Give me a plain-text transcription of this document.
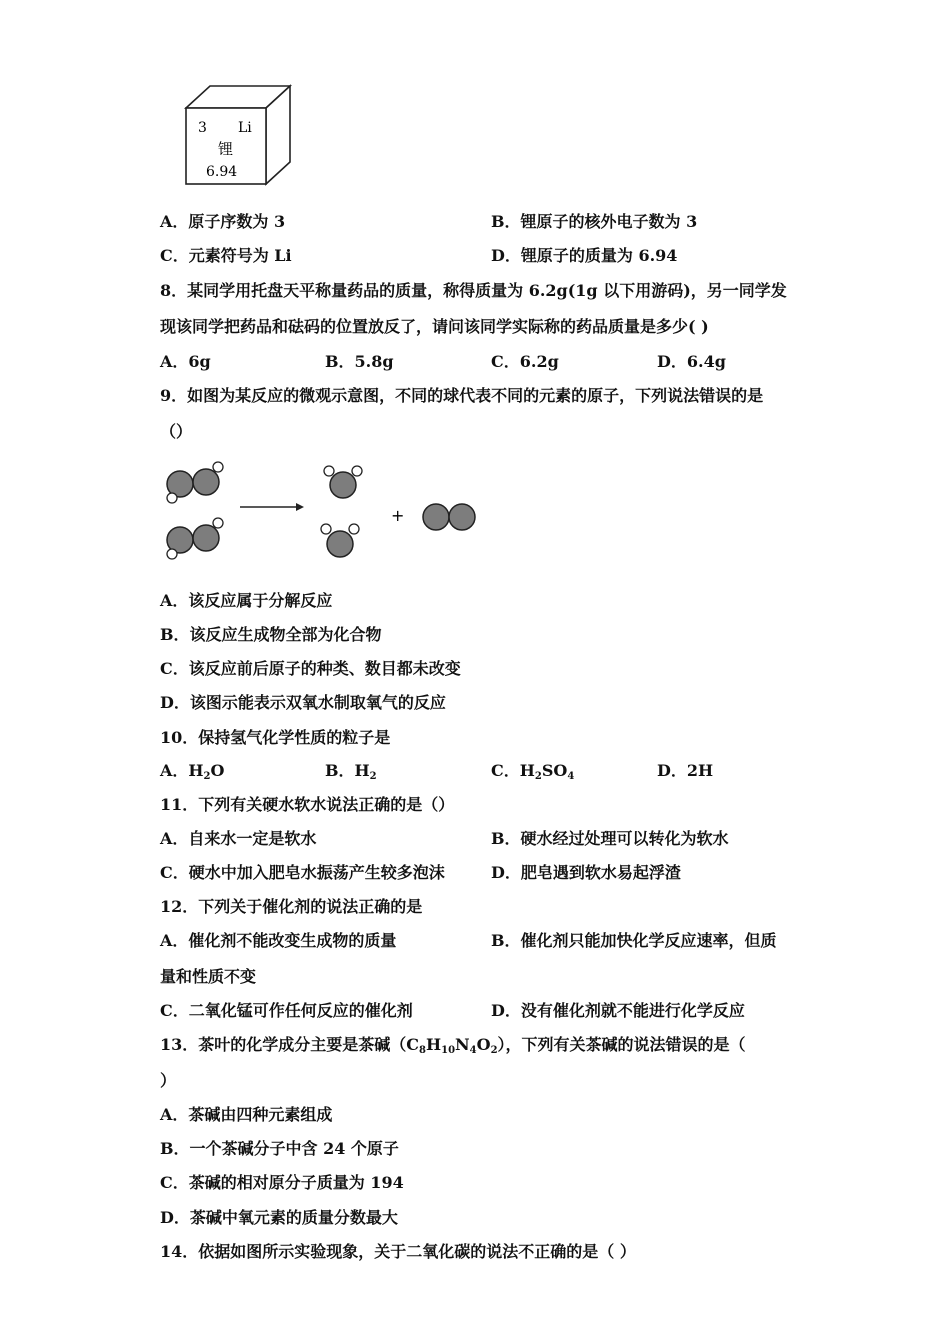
3 Li
锂
6.94
A．原子序数为 3	B．锂原子的核外电子数为 3
C．元素符号为 Li	D．锂原子的质量为 6.94
8．某同学用托盘天平称量药品的质量，称得质量为 6.2g(1g 以下用游码)，另一同学发
现该同学把药品和砝码的位置放反了，请问该同学实际称的药品质量是多少( )
A．6g	B．5.8g	C．6.2g	D．6.4g
9．如图为某反应的微观示意图，不同的球代表不同的元素的原子，下列说法错误的是
（）
+
A．该反应属于分解反应
B．该反应生成物全部为化合物
C．该反应前后原子的种类、数目都未改变
D．该图示能表示双氧水制取氧气的反应
10．保持氢气化学性质的粒子是
A．$H_2O$	B．$H_2$	C．$H_2SO_4$	D．2H
11．下列有关硬水软水说法正确的是（）
A．自来水一定是软水	B．硬水经过处理可以转化为软水
C．硬水中加入肥皂水振荡产生较多泡沫	D．肥皂遇到软水易起浮渣
12．下列关于催化剂的说法正确的是
A．催化剂不能改变生成物的质量	B．催化剂只能加快化学反应速率，但质
量和性质不变
C．二氧化锰可作任何反应的催化剂	D．没有催化剂就不能进行化学反应
13．茶叶的化学成分主要是茶碱$(C_8H_{10}N_4O_2)$，下列有关茶碱的说法错误的是（
）
A．茶碱由四种元素组成
B．一个茶碱分子中含 24 个原子
C．茶碱的相对原分子质量为 194
D．茶碱中氧元素的质量分数最大
14．依据如图所示实验现象，关于二氧化碳的说法不正确的是（ ）
